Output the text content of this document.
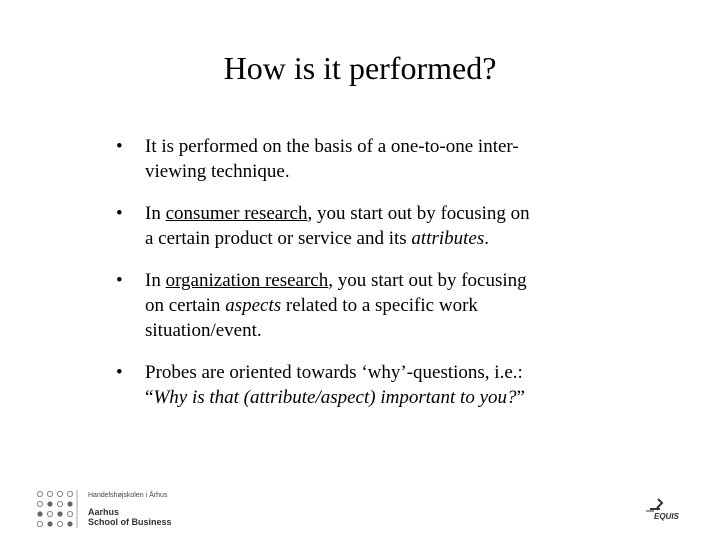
How is it performed?
• It is performed on the basis of a one-to-one inter-
viewing technique.
• In consumer research, you start out by focusing on
a certain product or service and its attributes.
• In organization research, you start out by focusing
on certain aspects related to a specific work
situation/event.
• Probes are oriented towards ‘why’-questions, i.e.:
“Why is that (attribute/aspect) important to you?”
Handelshøjskolen i Århus
Aarhus
School of Business
EQUIS
